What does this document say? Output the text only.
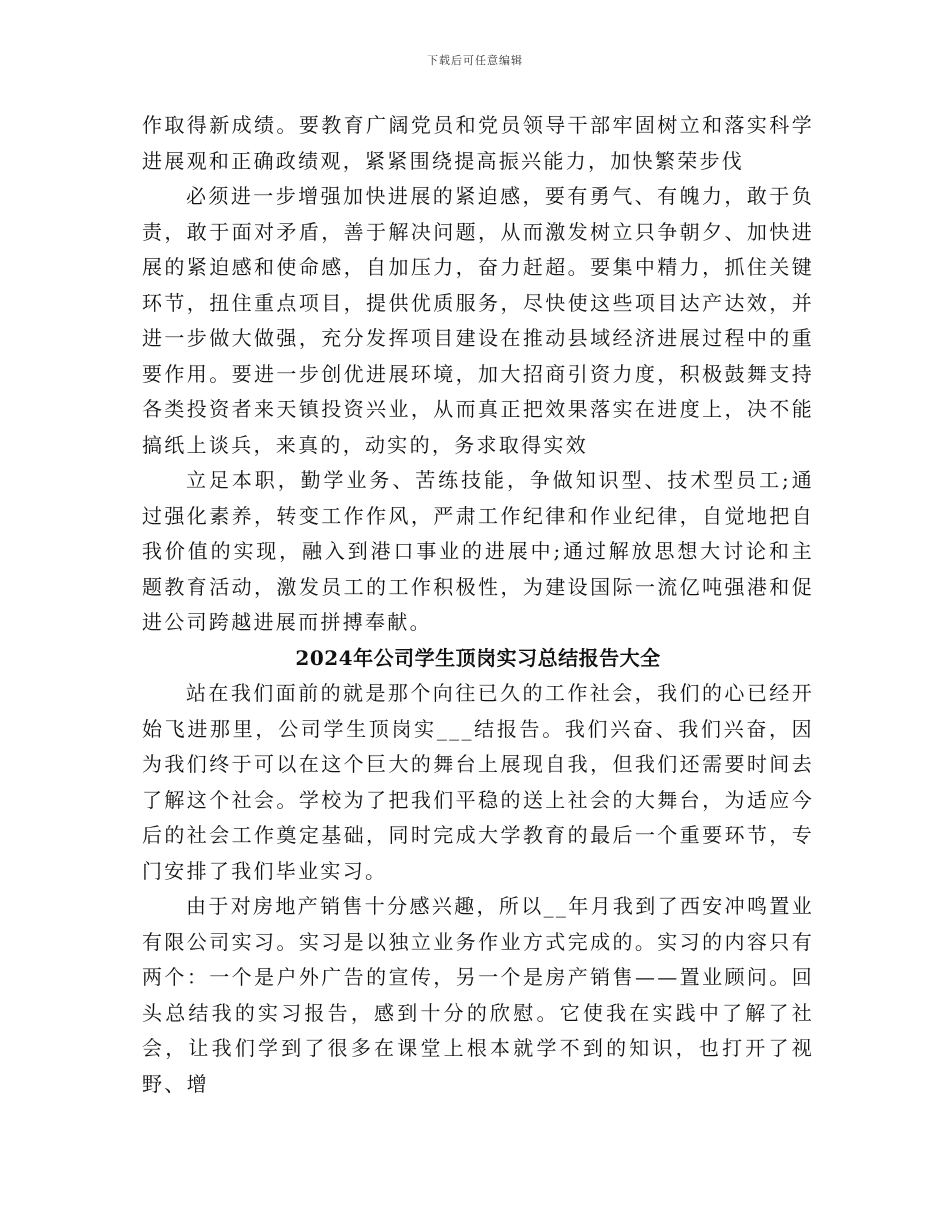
下载后可任意编辑

作取得新成绩。要教育广阔党员和党员领导干部牢固树立和落实科学进展观和正确政绩观，紧紧围绕提高振兴能力，加快繁荣步伐

必须进一步增强加快进展的紧迫感，要有勇气、有魄力，敢于负责，敢于面对矛盾，善于解决问题，从而激发树立只争朝夕、加快进展的紧迫感和使命感，自加压力，奋力赶超。要集中精力，抓住关键环节，扭住重点项目，提供优质服务，尽快使这些项目达产达效，并进一步做大做强，充分发挥项目建设在推动县域经济进展过程中的重要作用。要进一步创优进展环境，加大招商引资力度，积极鼓舞支持各类投资者来天镇投资兴业，从而真正把效果落实在进度上，决不能搞纸上谈兵，来真的，动实的，务求取得实效

立足本职，勤学业务、苦练技能，争做知识型、技术型员工;通过强化素养，转变工作作风，严肃工作纪律和作业纪律，自觉地把自我价值的实现，融入到港口事业的进展中;通过解放思想大讨论和主题教育活动，激发员工的工作积极性，为建设国际一流亿吨强港和促进公司跨越进展而拼搏奉献。

2024年公司学生顶岗实习总结报告大全

站在我们面前的就是那个向往已久的工作社会，我们的心已经开始飞进那里，公司学生顶岗实___结报告。我们兴奋、我们兴奋，因为我们终于可以在这个巨大的舞台上展现自我，但我们还需要时间去了解这个社会。学校为了把我们平稳的送上社会的大舞台，为适应今后的社会工作奠定基础，同时完成大学教育的最后一个重要环节，专门安排了我们毕业实习。

由于对房地产销售十分感兴趣，所以__年月我到了西安冲鸣置业有限公司实习。实习是以独立业务作业方式完成的。实习的内容只有两个：一个是户外广告的宣传，另一个是房产销售——置业顾问。回头总结我的实习报告，感到十分的欣慰。它使我在实践中了解了社会，让我们学到了很多在课堂上根本就学不到的知识，也打开了视野、增
